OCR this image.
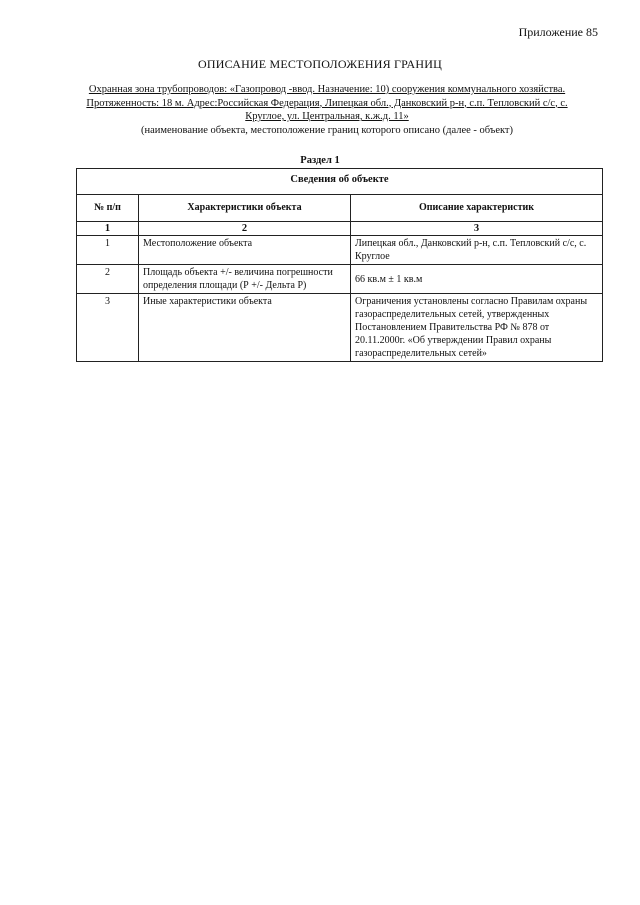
Приложение 85
ОПИСАНИЕ МЕСТОПОЛОЖЕНИЯ ГРАНИЦ
Охранная зона трубопроводов: «Газопровод -ввод. Назначение: 10) сооружения коммунального хозяйства. Протяженность: 18 м. Адрес:Российская Федерация, Липецкая обл., Данковский р-н, с.п. Тепловский с/с, с. Круглое, ул. Центральная, к.ж.д. 11»
(наименование объекта, местоположение границ которого описано (далее - объект)
Раздел 1
Сведения об объекте		
№ п/п	Характеристики объекта	Описание характеристик
1	2	3
1	Местоположение объекта	Липецкая обл., Данковский р-н, с.п. Тепловский с/с, с. Круглое
2	Площадь объекта +/- величина погрешности определения площади (Р +/- Дельта Р)	66 кв.м ± 1 кв.м
3	Иные характеристики объекта	Ограничения установлены согласно Правилам охраны газораспределительных сетей, утвержденных Постановлением Правительства РФ № 878 от 20.11.2000г. «Об утверждении Правил охраны газораспределительных сетей»
